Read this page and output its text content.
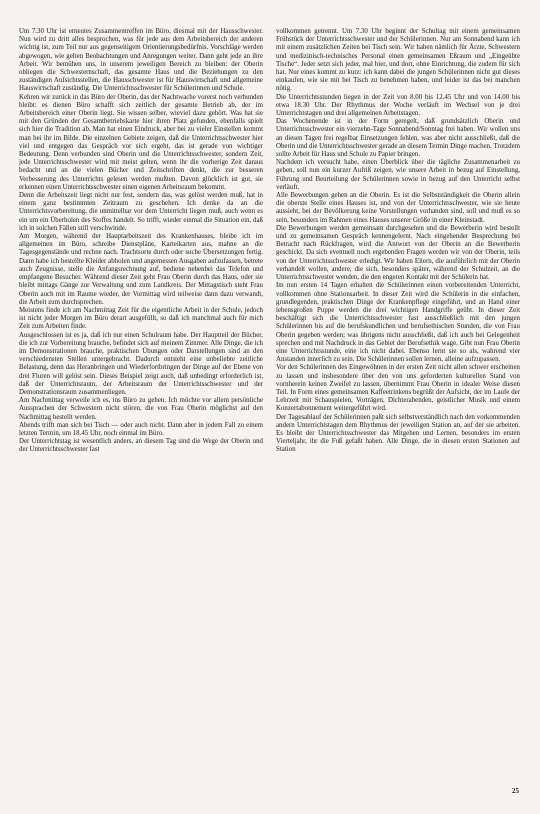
Um 7.30 Uhr ist erneutes Zusammentreffen im Büro, diesmal mit der Hausschwester. Nun wird zu dritt alles besprochen, was für jede aus dem Arbeitsbereich der anderen wichtig ist, zum Teil nur aus gegenseitigem Orientierungsbedürfnis. Vorschläge werden abgewogen, wie gelten Beobachtungen und Anregungen weiter. Dann geht jede an ihre Arbeit. Wir bemühen uns, in unserem jeweiligen Bereich zu bleiben: der Oberin obliegen die Schwesternschaft, das gesamte Haus und die Beziehungen zu den zuständigen Aufsichtsstellen, die Hausschwester ist für Hauswirtschaft und allgemeine Hauswirtschaft zuständig. Die Unterrichtsschwester für Schülerinnen und Schule.

Kehren wir zurück in das Büro der Oberin, das der Nachtwache vorerst noch verbunden bleibt: es dienen Büro schafft sich zeitlich der gesamte Betrieb ab, der im Arbeitsbereich einer Oberin liegt. Sie wissen selber, wieviel dazu gehört. Was hat sie mit den Gründen der Gesamtbetriebskarte hier ihren Platz gefunden, ebenfalls spielt sich hier die Tradition ab. Man hat einen Eindruck, aber bei zu vieler Einstellen kommt man bei ihr im Bilde. Die einzelnen Gebiete zeigen, daß die Unterrichtsschwester hier viel und entgegen das Gespräch vor sich ergeht, das ist gerade von wichtiger Bedeutung. Denn verbunden sind Oberin und die Unterrichtsschwester, sondern Zeit, jede Unterrichtsschwester wird mit meist gelten, wenn ihr die vorherige Zeit daraus bedacht und an die vielen Bücher und Zeitschriften denkt, die zur besseren Verbesserung des Unterrichts gelesen werden mußten. Davon glücklich ist gut, sie erkennen einen Unterrichtsschwester einen eigenen Arbeitsraum bekommt.

Denn die Arbeitszeit liegt nicht nur fest, sondern das, was gelöst werden muß, hat in einem ganz bestimmten Zeitraum zu geschehen. Ich denke da an die Unterrichtsvorbereitung, die unmittelbar vor dem Unterricht liegen muß, auch wenn es ein um ein Überholen des Stoffes handelt. So trifft, wieder einmal die Situation ein, daß ich in solchen Fällen still verschwinde.

Am Morgen, während der Hauptarbeitszeit des Krankenhauses, bleibe ich im allgemeinen im Büro, schreibe Dienstpläne, Karteikarten aus, mahne an die Tagesgegenstände und rechne nach. Trachtsorte durch oder suche Übersetzungen fertig. Dann habe ich bestellte Kleider abholen und angemessen Ausgaben aufzufassen, betrete auch Zeugnisse, stelle die Anfangsrechnung auf, bediene nebenbei das Telefon und empfangene Besucher. Während dieser Zeit geht Frau Oberin durch das Haus, oder sie bleibt mittags Gänge zur Verwaltung und zum Landkreis. Der Mittagstisch steht Frau Oberin auch mit im Raume wieder, der Vormittag wird teilweise dann dazu verwandt, die Arbeit zum durchsprechen.

Meistens finde ich am Nachmittag Zeit für die eigentliche Arbeit in der Schule, jedoch ist nicht jeder Morgen im Büro derart ausgefüllt, so daß ich manchmal auch für mich Zeit zum Arbeiten finde.

Ausgeschlossen ist es ja, daß ich nur einen Schulraum habe. Der Hauptteil der Bücher, die ich zur Vorbereitung brauche, befindet sich auf meinem Zimmer. Alle Dinge, die ich im Demonstrationen brauche, praktischen Übungen oder Darstellungen sind an den verschiedensten Stellen untergebracht. Dadurch entsteht eine unbeliebte zeitliche Belastung, denn das Heranbringen und Wiederfortbringen der Dinge auf der Ebene von drei Fluren will gelöst sein. Dieses Beispiel zeigt auch, daß unbedingt erforderlich ist, daß der Unterrichtsraum, der Arbeitsraum der Unterrichtsschwester und der Demonstrationsraum zusammenliegen.

Am Nachmittag verweile ich es, ins Büro zu gehen. Ich möchte vor allem persönliche Aussprachen der Schwestern nicht stören, die von Frau Oberin möglichst auf den Nachmittag bestellt werden.

Abends trifft man sich bei Tisch — oder auch nicht. Dann aber in jedem Fall zu einem letzten Termin, um 18.45 Uhr, noch einmal im Büro.

Der Unterrichtstag ist wesentlich anders, an diesem Tag sind die Wege der Oberin und der Unterrichtsschwester fast

vollkommen getrennt. Um 7.30 Uhr beginnt der Schultag mit einem gemeinsamen Frühstück der Unterrichtsschwester und der Schülerinnen. Nur am Sonnabend kann ich mit einem zusätzlichen Zeiten bei Tisch sein. Wir haben nämlich für Ärzte, Schwestern und medizinisch-technisches Personal einen gemeinsamen Eßraum und „Eingeübte Tische“. Jeder setzt sich jeder, mal hier, und dort, ohne Einrichtung, die zudem für sich hat. Nur eines kommt zu kurz: ich kann dabei die jungen Schülerinnen nicht gut dieses einkaufen, wie sie mit bei Tisch zu benehmen haben, und leider ist das bei manchen nötig.

Die Unterrichtsstunden liegen in der Zeit von 8.00 bis 12.45 Uhr und von 14.00 bis etwa 18.30 Uhr. Der Rhythmus der Woche verläuft im Wechsel von je drei Unterrichtstagen und drei allgemeinen Arbeitstagen.

Das Wochenende ist in der Form geregelt, daß grundsätzlich Oberin und Unterrichtsschwester ein vierzehn-Tage Sonnabend/Sonntag frei haben. Wir wollen uns an diesen Tagen frei regelbar Einsetzungen fehlen, was aber nicht ausschließt, daß die Oberin und die Unterrichtsschwester gerade an diesem Termin Dinge machen. Trotzdem sollte Arbeit für Haus und Schule zu Papier bringen.

Nachdem ich versucht habe, einen Überblick über die tägliche Zusammenarbeit zu geben, soll nun ein kurzer Aufriß zeigen, wie unsere Arbeit in bezug auf Einstellung, Führung und Beurteilung der Schülerinnen sowie in bezug auf den Unterricht selbst verläuft.

Alle Bewerbungen gehen an die Oberin. Es ist die Selbstständigkeit die Oberin allein die oberste Stelle eines Hauses ist, und von der Unterrichtsschwester, wie sie heute aussieht, bei der Bevölkerung keine Vorstellungen vorhanden sind, soll und muß es so sein, besonders im Rahmen eines Hauses unserer Größe in einer Kleinstadt.

Die Bewerbungen werden gemeinsam durchgesehen und die Bewerberin wird bestellt und zu gemeinsamen Gespräch kennengelernt. Nach eingehender Besprechung bei Betracht nach Rückfragen, wird die Antwort von der Oberin an die Bewerberin geschickt. Da sich eventuell noch ergebenden Fragen werden wir von der Oberin, teils von der Unterrichtsschwester erledigt. Wir haben Eltern, die ausführlich mit der Oberin verhandelt wollen, andere, die sich, besonders später, während der Schulzeit, an die Unterrichtsschwester wenden, die den engeren Kontakt mit der Schülerin hat.

Im nun ersten 14 Tagen erhalten die Schülerinnen einen vorbereitenden Unterricht, vollkommen ohne Stationsarbeit. In dieser Zeit wird die Schülerin in die einfachen, grundlegenden, praktischen Dinge der Krankenpflege eingeführt, und an Hand einer lebensgroßen Puppe werden die drei wichtigen Handgriffe geübt. In dieser Zeit beschäftigt sich die Unterrichtsschwester fast ausschließlich mit den jungen Schülerinnen bis auf die berufskundlichen und berufsethischen Stunden, die von Frau Oberin gegeben werden; was übrigens nicht ausschließt, daß ich auch bei Gelegenheit sprechen und mit Nachdruck in das Gebiet der Berufsethik wage. Gibt nun Frau Oberin eine Unterrichtsstunde, eine ich nicht dabei. Ebenso lernt sie so als, wahrend vier Anstanden innerlich zu sein. Die Schülerinnen sollen lernen, alleine aufzupassen.

Vor den Schülerinnen des Eingewöhnen in der ersten Zeit nicht allen schwer erscheinen zu lassen und insbesondere über den von uns geforderten kulturellen Stand von vornherein keinen Zweifel zu lassen, übernimmt Frau Oberin in idealer Weise diesen Teil. In Form eines gemeinsamen Kaffeetrinkens begrüßt der Aufsicht, der im Laufe der Lehrzeit mit Schauspielen, Vorträgen, Dichterabenden, geistlicher Musik und einem Konzertabonnement weitergeführt wird.

Der Tagesablauf der Schülerinnen paßt sich selbstverständlich nach den vorkommenden andern Unterrichtstagen dem Rhythmus der jeweiligen Station an, auf der sie arbeiten. Es bleibt der Unterrichtsschwester das Mitgehen und Lernen, besonders im ersten Vierteljahr, ihr die Fuß gefaßt haben. Alle Dinge, die in diesen ersten Stationen auf Station

25
